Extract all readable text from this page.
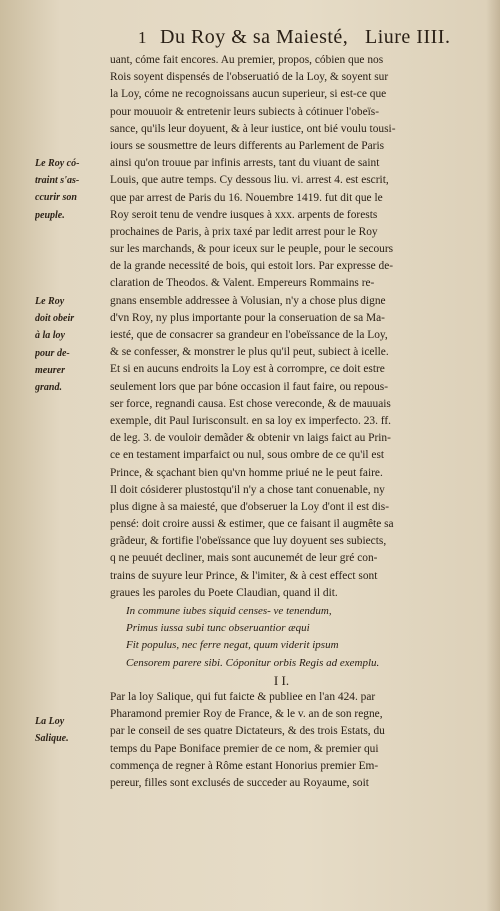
1 Du Roy & sa Maiesté, Liure IIII.
uant, cóme fait encores. Au premier, propos, cóbien que nos
Rois soyent dispensés de l'obseruatió de la Loy, & soyent sur
la Loy, cóme ne recognoissans aucun superieur, si est-ce que
pour mouuoir & entretenir leurs subiects à cótinuer l'obeïs-
sance, qu'ils leur doyuent, & à leur iustice, ont bié voulu tousi-
iours se sousmettre de leurs differents au Parlement de Paris
ainsi qu'on trouue par infinis arrests, tant du viuant de saint
Louis, que autre temps. Cy dessous liu. vi. arrest 4. est escrit,
que par arrest de Paris du 16. Nouembre 1419. fut dit que le
Roy seroit tenu de vendre iusques à xxx. arpents de forests
prochaines de Paris, à prix taxé par ledit arrest pour le Roy
sur les marchands, & pour iceux sur le peuple, pour le secours
de la grande necessité de bois, qui estoit lors. Par expresse de-
claration de Theodos. & Valent. Empereurs Rommains re-
gnans ensemble addressee à Volusian, n'y a chose plus digne
d'vn Roy, ny plus importante pour la conseruation de sa Ma-
iesté, que de consacrer sa grandeur en l'obeïssance de la Loy,
& se confesser, & monstrer le plus qu'il peut, subiect à icelle.
Et si en aucuns endroits la Loy est à corrompre, ce doit estre
seulement lors que par bóne occasion il faut faire, ou repous-
ser force, regnandi causa. Est chose vereconde, & de mauuais
exemple, dit Paul Iurisconsult. en sa loy ex imperfecto. 23. ff.
de leg. 3. de vouloir demãder & obtenir vn laigs faict au Prin-
ce en testament imparfaict ou nul, sous ombre de ce qu'il est
Prince, & sçachant bien qu'vn homme priué ne le peut faire.
Il doit cósiderer plustostqu'il n'y a chose tant conuenable, ny
plus digne à sa maiesté, que d'obseruer la Loy d'ont il est dis-
pensé: doit croire aussi & estimer, que ce faisant il augmête sa
grãdeur, & fortifie l'obeïssance que luy doyuent ses subiects,
q ne peuuét decliner, mais sont aucunemét de leur gré con-
trains de suyure leur Prince, & l'imiter, & à cest effect sont
graues les paroles du Poete Claudian, quand il dit.
In commune iubes siquid censes- ve tenendum,
Primus iussa subi tunc obseruantior æqui
Fit populus, nec ferre negat, quum viderit ipsum
Censorem parere sibi. Cóponitur orbis Regis ad exemplu.
I I.
Par la loy Salique, qui fut faicte & publiee en l'an 424. par
Pharamond premier Roy de France, & le v. an de son regne,
par le conseil de ses quatre Dictateurs, & des trois Estats, du
temps du Pape Boniface premier de ce nom, & premier qui
commença de regner à Rôme estant Honorius premier Em-
pereur, filles sont exclusés de succeder au Royaume, soit
Le Roy có-
traint s'as-
ccurir son
peuple.
Le Roy
doit obeir
à la loy
pour de-
meurer
grand.
La Loy
Salique.
